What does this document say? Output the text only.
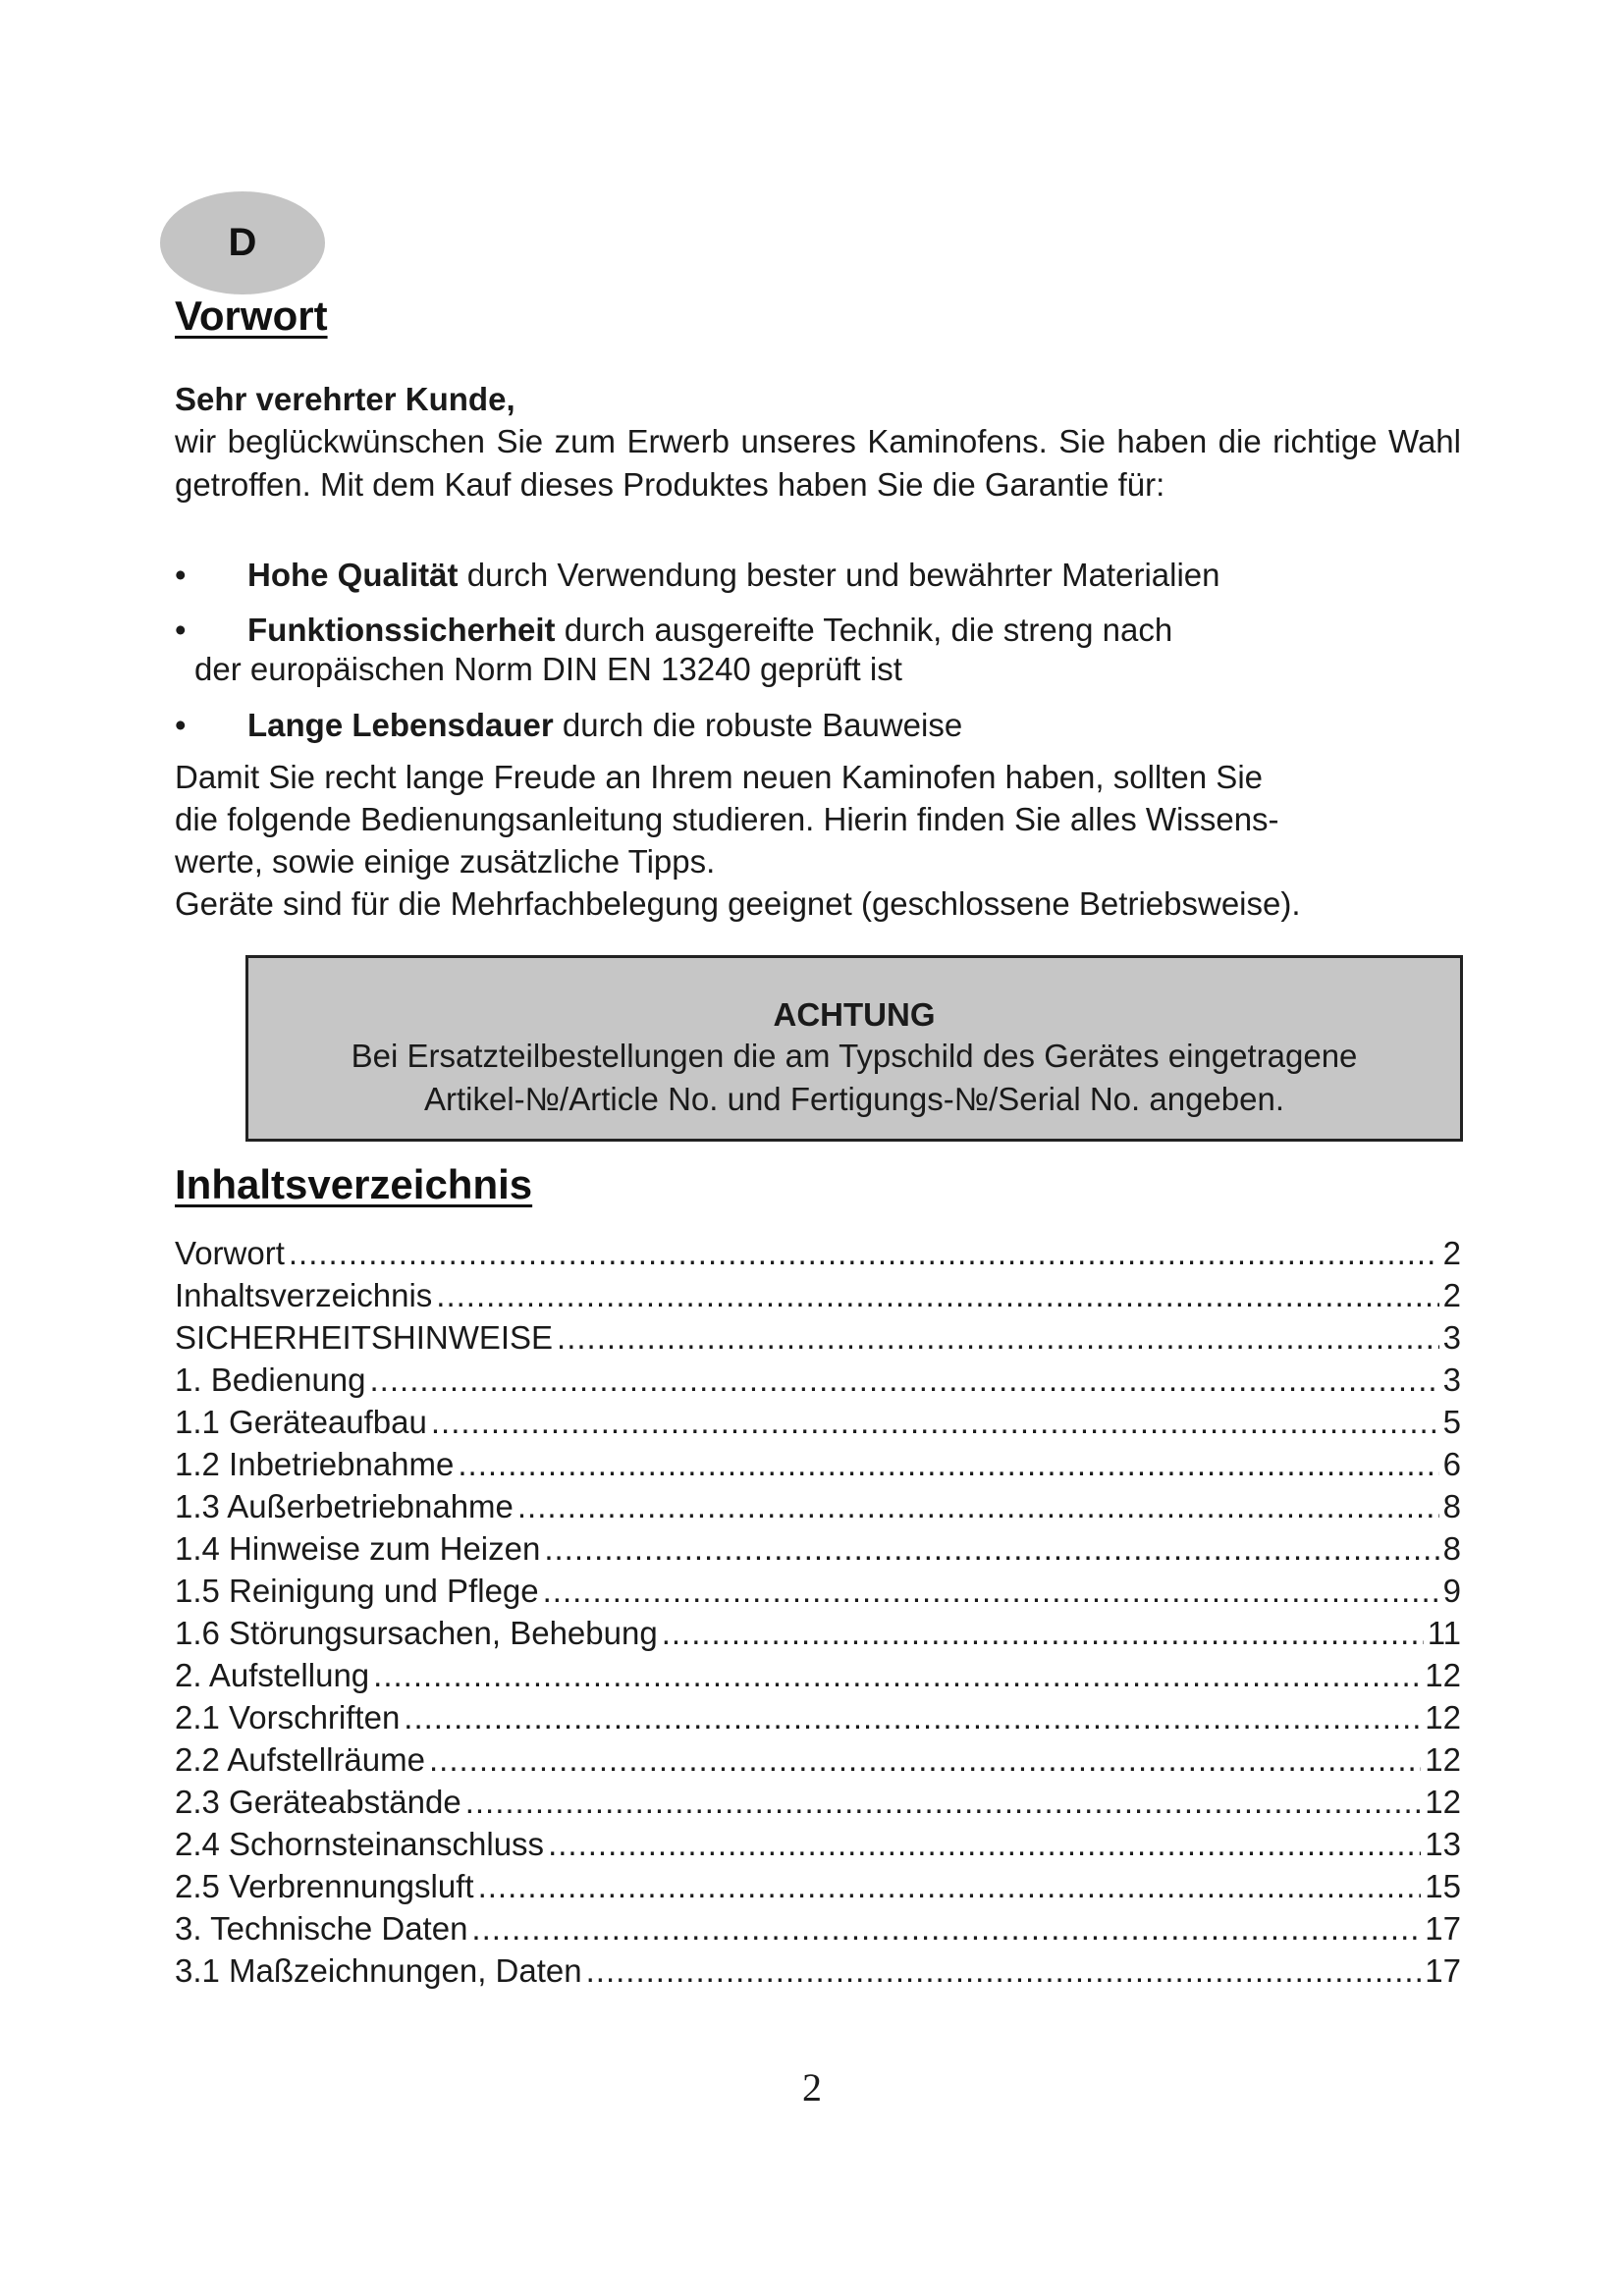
D
Vorwort

Sehr verehrter Kunde,

wir beglückwünschen Sie zum Erwerb unseres Kaminofens. Sie haben die richtige Wahl getroffen. Mit dem Kauf dieses Produktes haben Sie die Garantie für:

• Hohe Qualität durch Verwendung bester und bewährter Materialien
• Funktionssicherheit durch ausgereifte Technik, die streng nach
der europäischen Norm DIN EN 13240 geprüft ist
• Lange Lebensdauer durch die robuste Bauweise
Damit Sie recht lange Freude an Ihrem neuen Kaminofen haben, sollten Sie
die folgende Bedienungsanleitung studieren. Hierin finden Sie alles Wissens-
werte, sowie einige zusätzliche Tipps.
Geräte sind für die Mehrfachbelegung geeignet (geschlossene Betriebsweise).
ACHTUNG
Bei Ersatzteilbestellungen die am Typschild des Gerätes eingetragene
Artikel-№/Article No. und Fertigungs-№/Serial No. angeben.
Inhaltsverzeichnis
Vorwort .....	2
Inhaltsverzeichnis .....	2
SICHERHEITSHINWEISE .....	3
1. Bedienung .....	3
1.1 Geräteaufbau .....	5
1.2 Inbetriebnahme .....	6
1.3 Außerbetriebnahme .....	8
1.4 Hinweise zum Heizen .....	8
1.5 Reinigung und Pflege .....	9
1.6 Störungsursachen, Behebung .....	11
2. Aufstellung .....	12
2.1 Vorschriften .....	12
2.2 Aufstellräume .....	12
2.3 Geräteabstände .....	12
2.4 Schornsteinanschluss .....	13
2.5 Verbrennungsluft .....	15
3. Technische Daten .....	17
3.1 Maßzeichnungen, Daten .....	17
2
